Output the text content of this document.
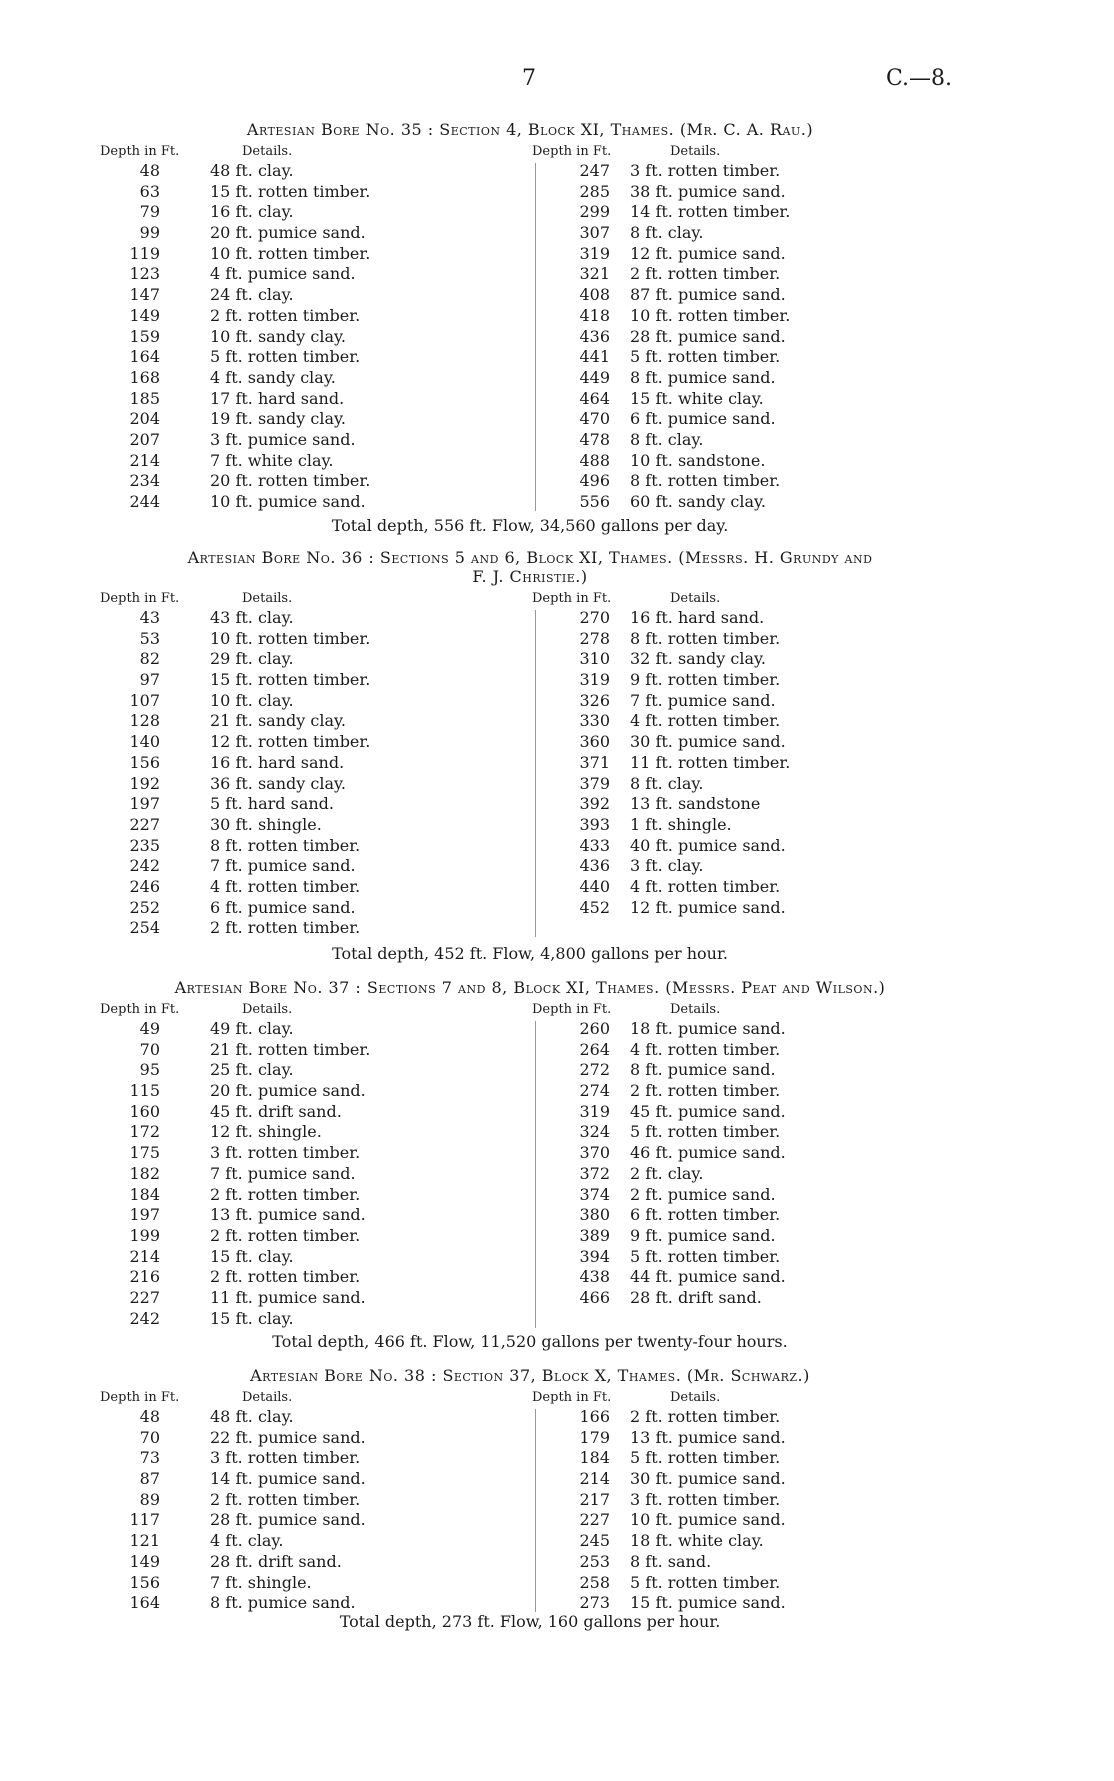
7	C.—8.
Artesian Bore No. 35 : Section 4, Block XI, Thames. (Mr. C. A. Rau.)
Depth in Ft.	Details.	Depth in Ft.	Details.
48	48 ft. clay.
63	15 ft. rotten timber.
79	16 ft. clay.
99	20 ft. pumice sand.
119	10 ft. rotten timber.
123	4 ft. pumice sand.
147	24 ft. clay.
149	2 ft. rotten timber.
159	10 ft. sandy clay.
164	5 ft. rotten timber.
168	4 ft. sandy clay.
185	17 ft. hard sand.
204	19 ft. sandy clay.
207	3 ft. pumice sand.
214	7 ft. white clay.
234	20 ft. rotten timber.
244	10 ft. pumice sand.
247 3 ft. rotten timber.
285 38 ft. pumice sand.
299 14 ft. rotten timber.
307 8 ft. clay.
319 12 ft. pumice sand.
321 2 ft. rotten timber.
408 87 ft. pumice sand.
418 10 ft. rotten timber.
436 28 ft. pumice sand.
441 5 ft. rotten timber.
449 8 ft. pumice sand.
464 15 ft. white clay.
470 6 ft. pumice sand.
478 8 ft. clay.
488 10 ft. sandstone.
496 8 ft. rotten timber.
556 60 ft. sandy clay.
Total depth, 556 ft. Flow, 34,560 gallons per day.
Artesian Bore No. 36 : Sections 5 and 6, Block XI, Thames. (Messrs. H. Grundy and
F. J. Christie.)
Depth in Ft.	Details.	Depth in Ft.	Details.
43	43 ft. clay.
53	10 ft. rotten timber.
82	29 ft. clay.
97	15 ft. rotten timber.
107	10 ft. clay.
128	21 ft. sandy clay.
140	12 ft. rotten timber.
156	16 ft. hard sand.
192	36 ft. sandy clay.
197	5 ft. hard sand.
227	30 ft. shingle.
235	8 ft. rotten timber.
242	7 ft. pumice sand.
246	4 ft. rotten timber.
252	6 ft. pumice sand.
254	2 ft. rotten timber.
270 16 ft. hard sand.
278 8 ft. rotten timber.
310 32 ft. sandy clay.
319 9 ft. rotten timber.
326 7 ft. pumice sand.
330 4 ft. rotten timber.
360 30 ft. pumice sand.
371 11 ft. rotten timber.
379 8 ft. clay.
392 13 ft. sandstone
393 1 ft. shingle.
433 40 ft. pumice sand.
436 3 ft. clay.
440 4 ft. rotten timber.
452 12 ft. pumice sand.
Total depth, 452 ft. Flow, 4,800 gallons per hour.
Artesian Bore No. 37 : Sections 7 and 8, Block XI, Thames. (Messrs. Peat and Wilson.)
Depth in Ft.	Details.	Depth in Ft.	Details.
49	49 ft. clay.
70	21 ft. rotten timber.
95	25 ft. clay.
115	20 ft. pumice sand.
160	45 ft. drift sand.
172	12 ft. shingle.
175	3 ft. rotten timber.
182	7 ft. pumice sand.
184	2 ft. rotten timber.
197	13 ft. pumice sand.
199	2 ft. rotten timber.
214	15 ft. clay.
216	2 ft. rotten timber.
227	11 ft. pumice sand.
242	15 ft. clay.
260 18 ft. pumice sand.
264 4 ft. rotten timber.
272 8 ft. pumice sand.
274 2 ft. rotten timber.
319 45 ft. pumice sand.
324 5 ft. rotten timber.
370 46 ft. pumice sand.
372 2 ft. clay.
374 2 ft. pumice sand.
380 6 ft. rotten timber.
389 9 ft. pumice sand.
394 5 ft. rotten timber.
438 44 ft. pumice sand.
466 28 ft. drift sand.
Total depth, 466 ft. Flow, 11,520 gallons per twenty-four hours.
Artesian Bore No. 38 : Section 37, Block X, Thames. (Mr. Schwarz.)
Depth in Ft.	Details.	Depth in Ft.	Details.
48	48 ft. clay.
70	22 ft. pumice sand.
73	3 ft. rotten timber.
87	14 ft. pumice sand.
89	2 ft. rotten timber.
117	28 ft. pumice sand.
121	4 ft. clay.
149	28 ft. drift sand.
156	7 ft. shingle.
164	8 ft. pumice sand.
166 2 ft. rotten timber.
179 13 ft. pumice sand.
184 5 ft. rotten timber.
214 30 ft. pumice sand.
217 3 ft. rotten timber.
227 10 ft. pumice sand.
245 18 ft. white clay.
253 8 ft. sand.
258 5 ft. rotten timber.
273 15 ft. pumice sand.
Total depth, 273 ft. Flow, 160 gallons per hour.
